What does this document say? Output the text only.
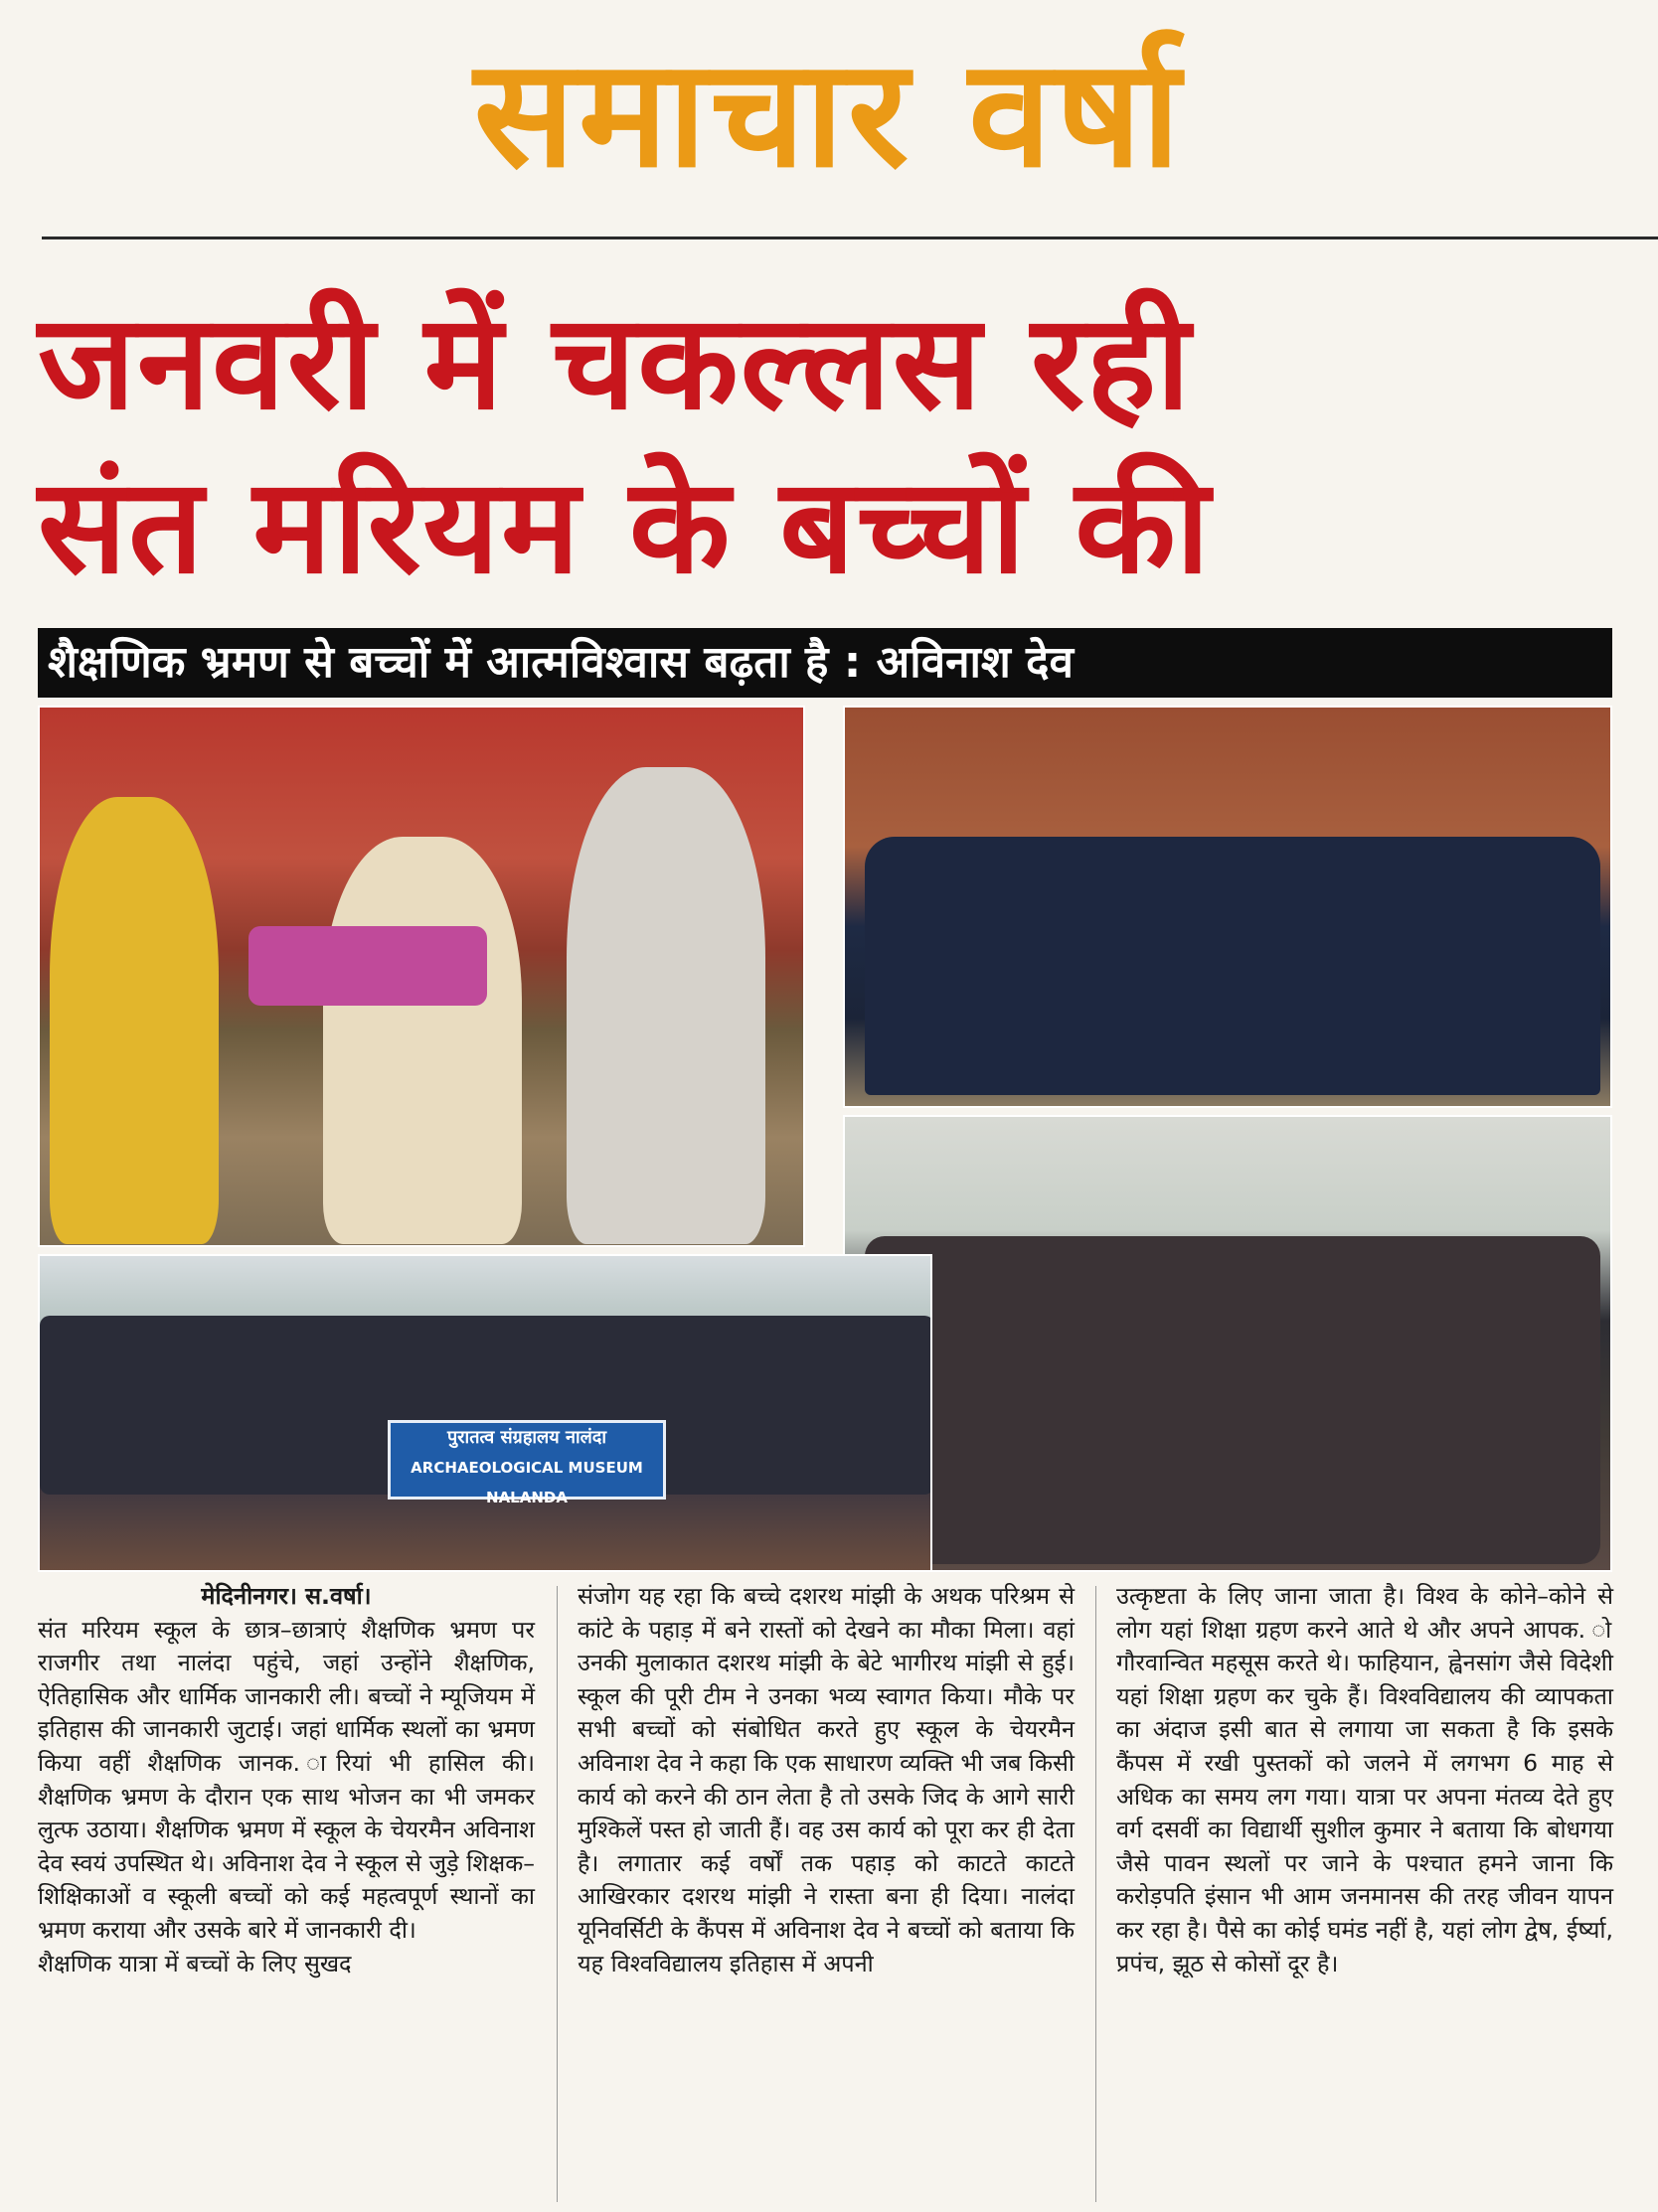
समाचार वर्षा
जनवरी में चकल्लस रही
संत मरियम के बच्चों की
शैक्षणिक भ्रमण से बच्चों में आत्मविश्वास बढ़ता है : अविनाश देव
पुरातत्व संग्रहालय नालंदा
ARCHAEOLOGICAL MUSEUM NALANDA
मेदिनीनगर। स.वर्षा।

संत मरियम स्कूल के छात्र–छात्राएं शैक्षणिक भ्रमण पर राजगीर तथा नालंदा पहुंचे, जहां उन्होंने शैक्षणिक, ऐतिहासिक और धार्मिक जानकारी ली। बच्चों ने म्यूजियम में इतिहास की जानकारी जुटाई। जहां धार्मिक स्थलों का भ्रमण किया वहीं शैक्षणिक जानक. ारियां भी हासिल की। शैक्षणिक भ्रमण के दौरान एक साथ भोजन का भी जमकर लुत्फ उठाया। शैक्षणिक भ्रमण में स्कूल के चेयरमैन अविनाश देव स्वयं उपस्थित थे। अविनाश देव ने स्कूल से जुड़े शिक्षक–शिक्षिकाओं व स्कूली बच्चों को कई महत्वपूर्ण स्थानों का भ्रमण कराया और उसके बारे में जानकारी दी।

शैक्षणिक यात्रा में बच्चों के लिए सुखद

संजोग यह रहा कि बच्चे दशरथ मांझी के अथक परिश्रम से कांटे के पहाड़ में बने रास्तों को देखने का मौका मिला। वहां उनकी मुलाकात दशरथ मांझी के बेटे भागीरथ मांझी से हुई। स्कूल की पूरी टीम ने उनका भव्य स्वागत किया। मौके पर सभी बच्चों को संबोधित करते हुए स्कूल के चेयरमैन अविनाश देव ने कहा कि एक साधारण व्यक्ति भी जब किसी कार्य को करने की ठान लेता है तो उसके जिद के आगे सारी मुश्किलें पस्त हो जाती हैं। वह उस कार्य को पूरा कर ही देता है। लगातार कई वर्षों तक पहाड़ को काटते काटते आखिरकार दशरथ मांझी ने रास्ता बना ही दिया। नालंदा यूनिवर्सिटी के कैंपस में अविनाश देव ने बच्चों को बताया कि यह विश्वविद्यालय इतिहास में अपनी

उत्कृष्टता के लिए जाना जाता है। विश्व के कोने–कोने से लोग यहां शिक्षा ग्रहण करने आते थे और अपने आपक. ो गौरवान्वित महसूस करते थे। फाहियान, ह्वेनसांग जैसे विदेशी यहां शिक्षा ग्रहण कर चुके हैं। विश्वविद्यालय की व्यापकता का अंदाज इसी बात से लगाया जा सकता है कि इसके कैंपस में रखी पुस्तकों को जलने में लगभग 6 माह से अधिक का समय लग गया। यात्रा पर अपना मंतव्य देते हुए वर्ग दसवीं का विद्यार्थी सुशील कुमार ने बताया कि बोधगया जैसे पावन स्थलों पर जाने के पश्चात हमने जाना कि करोड़पति इंसान भी आम जनमानस की तरह जीवन यापन कर रहा है। पैसे का कोई घमंड नहीं है, यहां लोग द्वेष, ईर्ष्या, प्रपंच, झूठ से कोसों दूर है।
